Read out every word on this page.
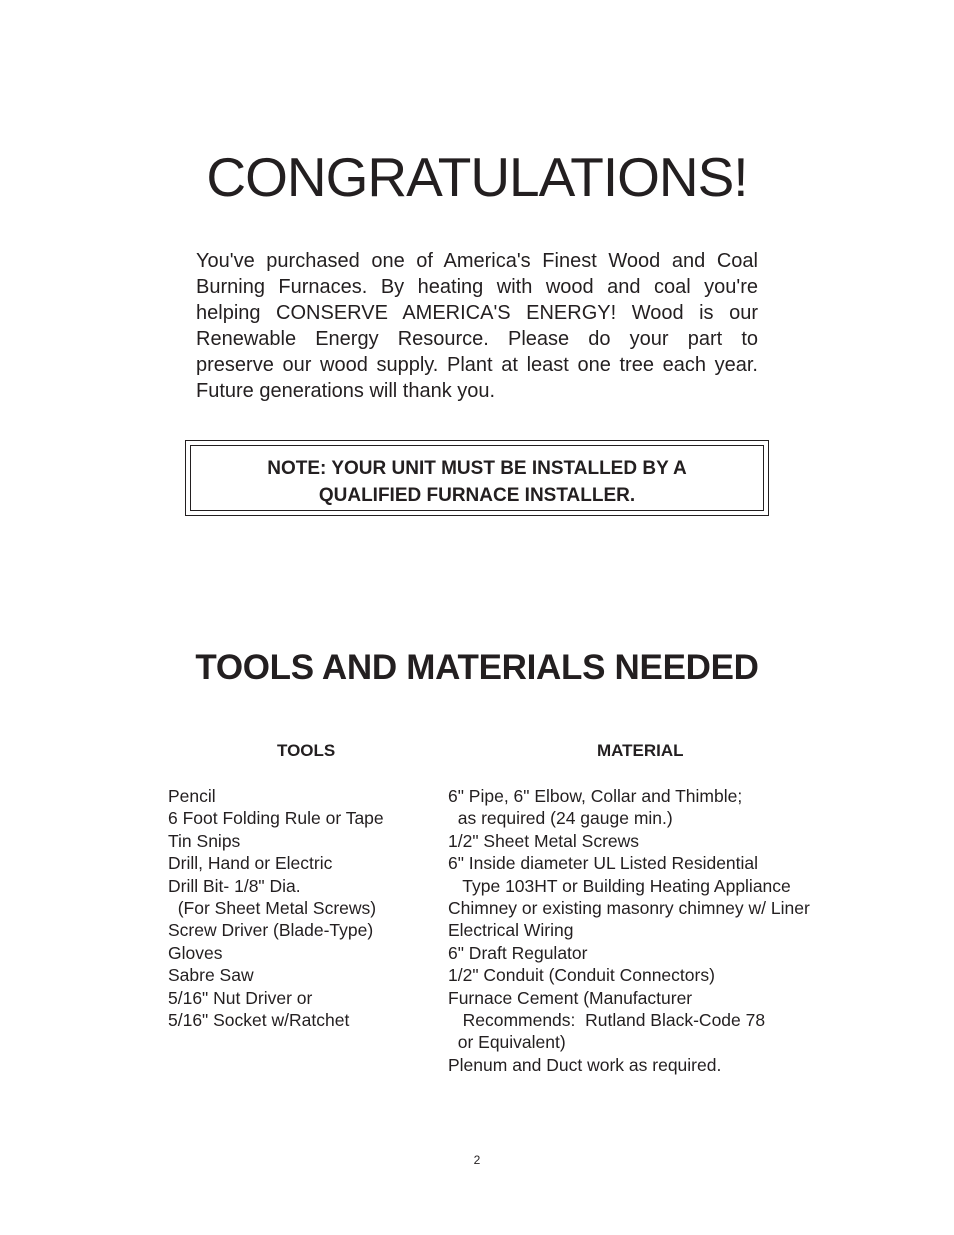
CONGRATULATIONS!
You've purchased one of America's Finest Wood and Coal
Burning Furnaces. By heating with wood and coal you're
helping CONSERVE AMERICA'S ENERGY! Wood is our
Renewable Energy Resource. Please do your part to
preserve our wood supply. Plant at least one tree each year.
Future generations will thank you.
NOTE: YOUR UNIT MUST BE INSTALLED BY A
QUALIFIED FURNACE INSTALLER.
TOOLS AND MATERIALS NEEDED
TOOLS	MATERIAL
Pencil
6 Foot Folding Rule or Tape
Tin Snips
Drill, Hand or Electric
Drill Bit- 1/8" Dia.
(For Sheet Metal Screws)
Screw Driver (Blade-Type)
Gloves
Sabre Saw
5/16" Nut Driver or
5/16" Socket w/Ratchet
6" Pipe, 6" Elbow, Collar and Thimble;
as required (24 gauge min.)
1/2" Sheet Metal Screws
6" Inside diameter UL Listed Residential
Type 103HT or Building Heating Appliance
Chimney or existing masonry chimney w/ Liner
Electrical Wiring
6" Draft Regulator
1/2" Conduit (Conduit Connectors)
Furnace Cement (Manufacturer
Recommends:  Rutland Black-Code 78
or Equivalent)
Plenum and Duct work as required.
2
